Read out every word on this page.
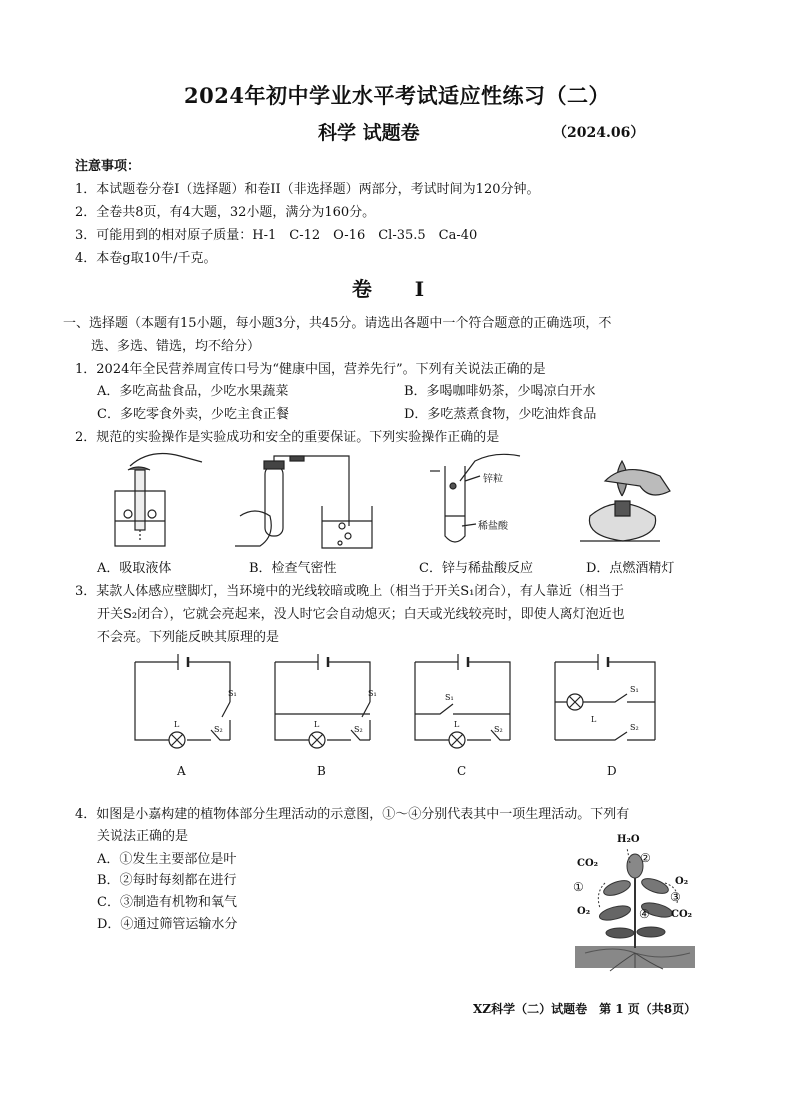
2024年初中学业水平考试适应性练习（二）
科学 试题卷	（2024.06）
注意事项：
1．本试题卷分卷I（选择题）和卷II（非选择题）两部分，考试时间为120分钟。
2．全卷共8页，有4大题，32小题，满分为160分。
3．可能用到的相对原子质量：H-1　C-12　O-16　Cl-35.5　Ca-40
4．本卷g取10牛/千克。
卷 I
一、选择题（本题有15小题，每小题3分，共45分。请选出各题中一个符合题意的正确选项，不
选、多选、错选，均不给分）
1．2024年全民营养周宣传口号为“健康中国，营养先行”。下列有关说法正确的是
A．多吃高盐食品，少吃水果蔬菜	B．多喝咖啡奶茶，少喝凉白开水
C．多吃零食外卖，少吃主食正餐	D．多吃蒸煮食物，少吃油炸食品
2．规范的实验操作是实验成功和安全的重要保证。下列实验操作正确的是
锌粒
稀盐酸
A．吸取液体	B．检查气密性	C．锌与稀盐酸反应	D．点燃酒精灯
3．某款人体感应壁脚灯，当环境中的光线较暗或晚上（相当于开关S₁闭合），有人靠近（相当于
开关S₂闭合），它就会亮起来，没人时它会自动熄灭；白天或光线较亮时，即使人离灯泡近也
不会亮。下列能反映其原理的是
S₁
S₂
L
S₁
S₂
L
S₁
S₂
L
S₁
S₂
L
A	B	C	D
4．如图是小嘉构建的植物体部分生理活动的示意图，①～④分别代表其中一项生理活动。下列有
关说法正确的是
A．①发生主要部位是叶
B．②每时每刻都在进行
C．③制造有机物和氧气
D．④通过筛管运输水分
H₂O
CO₂
O₂
O₂
CO₂
①
②
③
④
XZ科学（二）试题卷　第 1 页（共8页）
